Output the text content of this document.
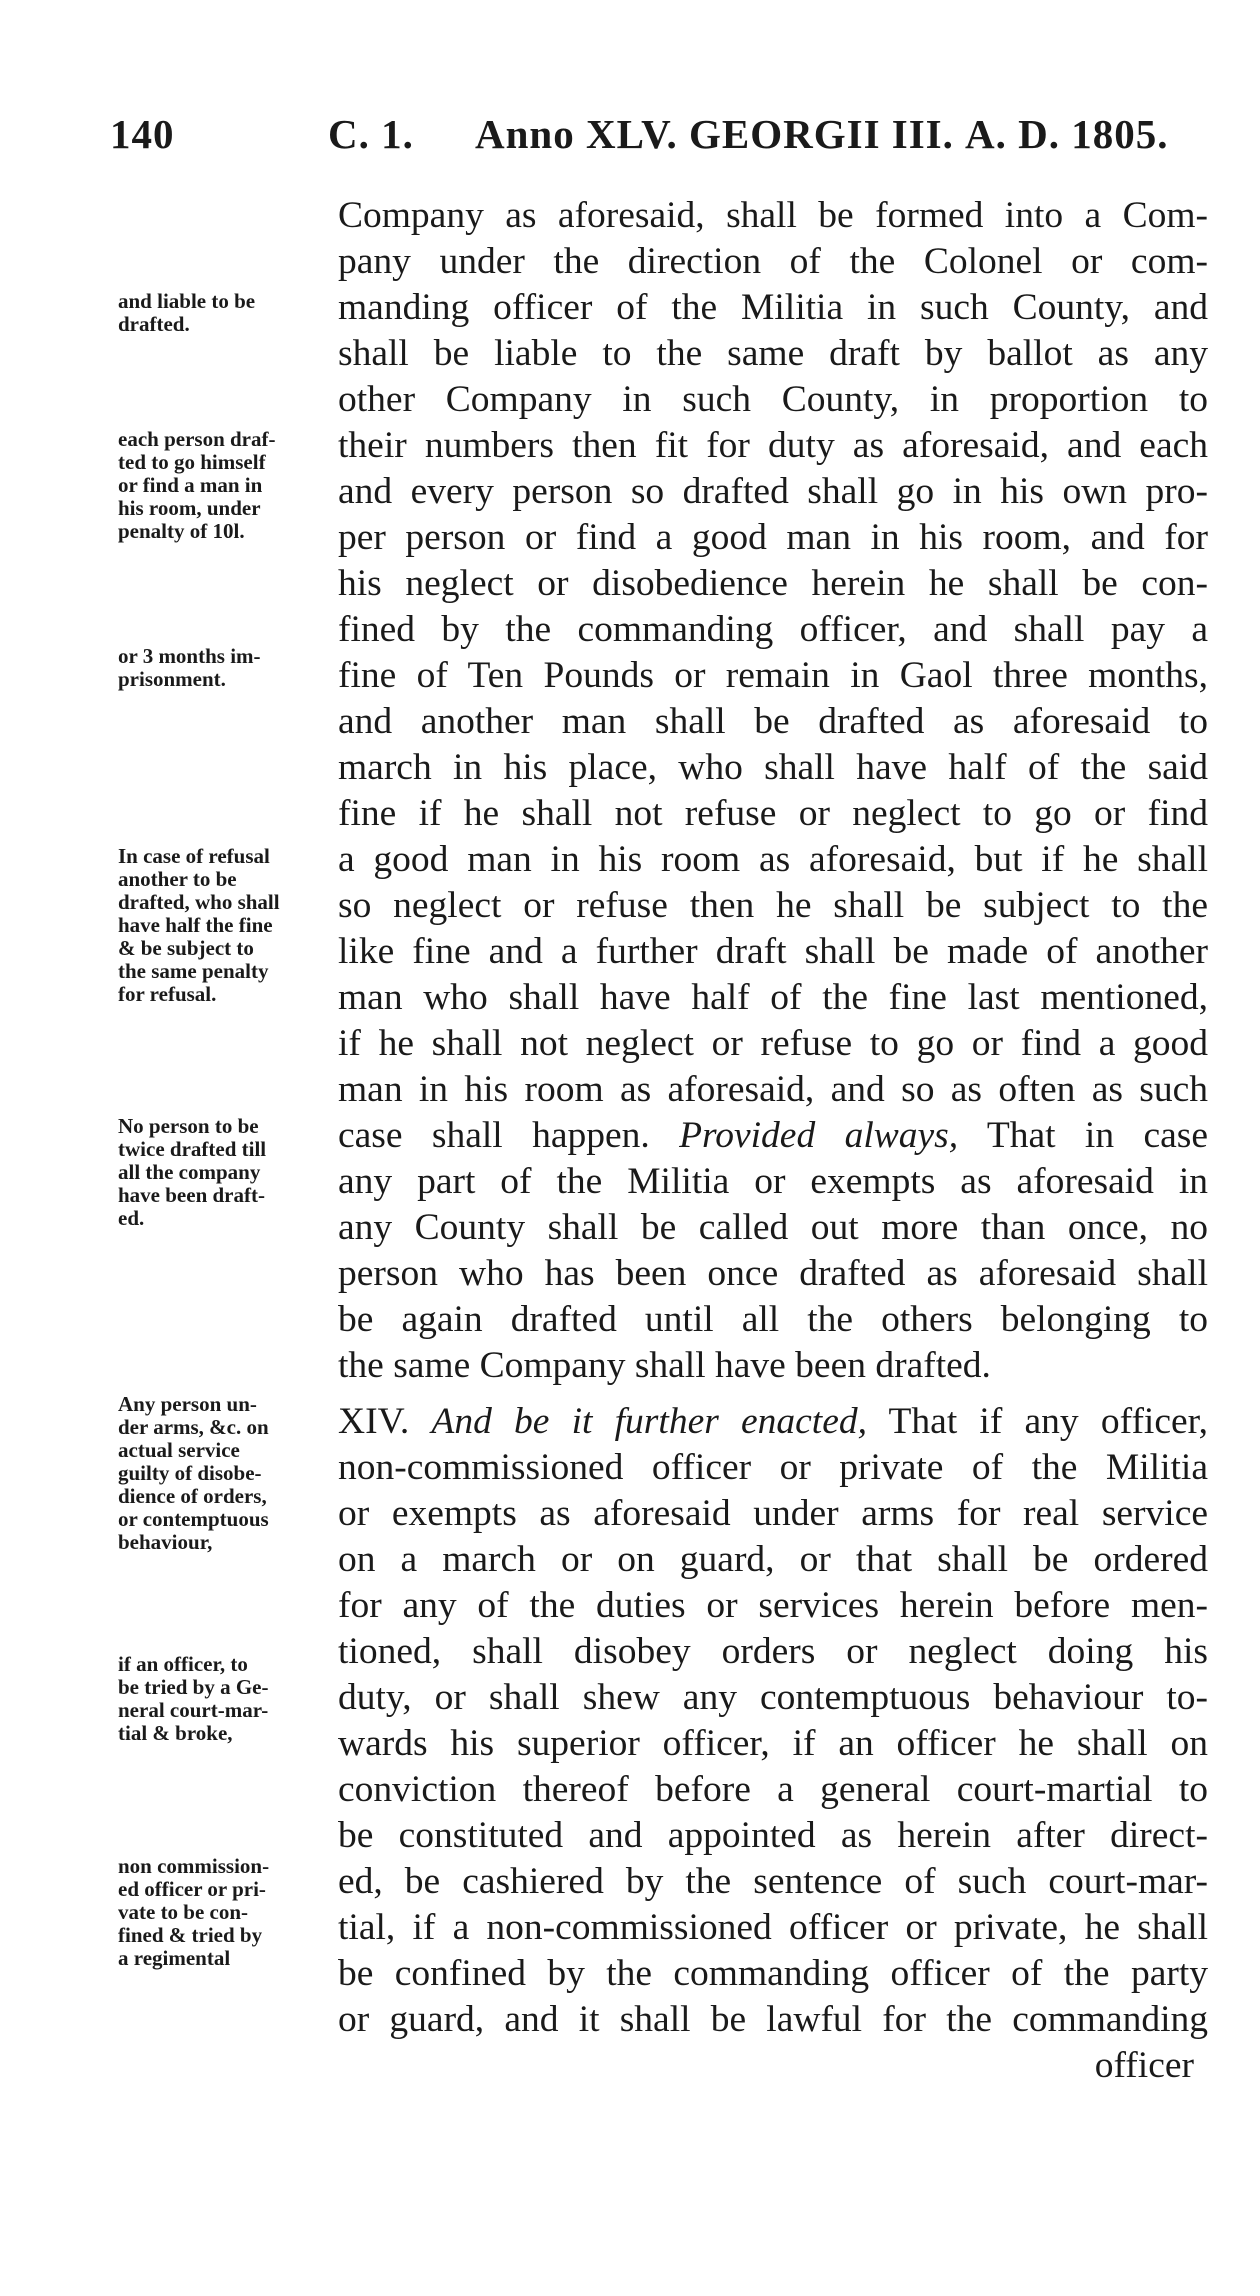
140	C. 1. Anno XLV. GEORGII III. A. D. 1805.
and liable to be
drafted.
each person draf-
ted to go himself
or find a man in
his room, under
penalty of 10l.
or 3 months im-
prisonment.
In case of refusal
another to be
drafted, who shall
have half the fine
& be subject to
the same penalty
for refusal.
No person to be
twice drafted till
all the company
have been draft-
ed.
Any person un-
der arms, &c. on
actual service
guilty of disobe-
dience of orders,
or contemptuous
behaviour,
if an officer, to
be tried by a Ge-
neral court-mar-
tial & broke,
non commission-
ed officer or pri-
vate to be con-
fined & tried by
a regimental
Company as aforesaid, shall be formed into a Com-
pany under the direction of the Colonel or com-
manding officer of the Militia in such County, and
shall be liable to the same draft by ballot as any
other Company in such County, in proportion to
their numbers then fit for duty as aforesaid, and each
and every person so drafted shall go in his own pro-
per person or find a good man in his room, and for
his neglect or disobedience herein he shall be con-
fined by the commanding officer, and shall pay a
fine of Ten Pounds or remain in Gaol three months,
and another man shall be drafted as aforesaid to
march in his place, who shall have half of the said
fine if he shall not refuse or neglect to go or find
a good man in his room as aforesaid, but if he shall
so neglect or refuse then he shall be subject to the
like fine and a further draft shall be made of another
man who shall have half of the fine last mentioned,
if he shall not neglect or refuse to go or find a good
man in his room as aforesaid, and so as often as such
case shall happen. Provided always, That in case
any part of the Militia or exempts as aforesaid in
any County shall be called out more than once, no
person who has been once drafted as aforesaid shall
be again drafted until all the others belonging to
the same Company shall have been drafted.
XIV. And be it further enacted, That if any officer,
non-commissioned officer or private of the Militia
or exempts as aforesaid under arms for real service
on a march or on guard, or that shall be ordered
for any of the duties or services herein before men-
tioned, shall disobey orders or neglect doing his
duty, or shall shew any contemptuous behaviour to-
wards his superior officer, if an officer he shall on
conviction thereof before a general court-martial to
be constituted and appointed as herein after direct-
ed, be cashiered by the sentence of such court-mar-
tial, if a non-commissioned officer or private, he shall
be confined by the commanding officer of the party
or guard, and it shall be lawful for the commanding
officer
